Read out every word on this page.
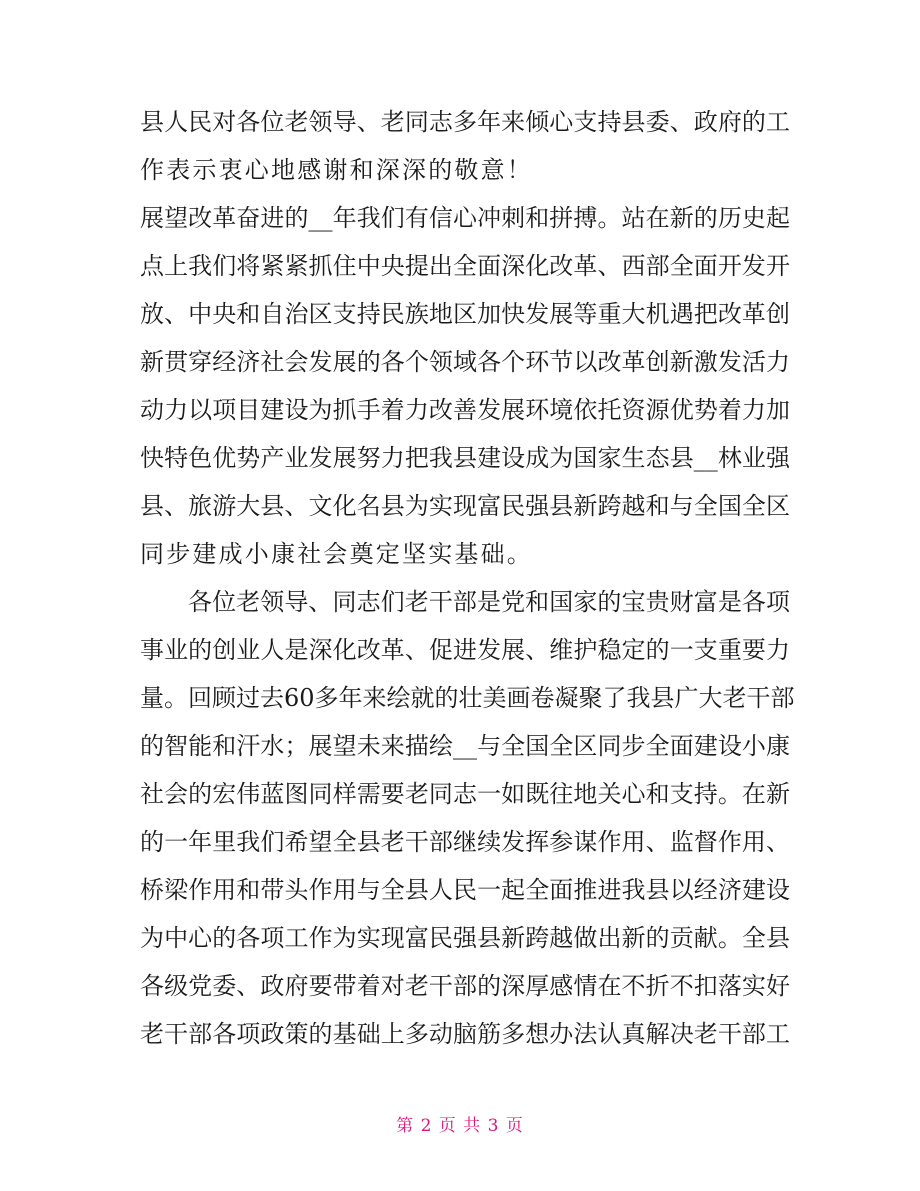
县人民对各位老领导、老同志多年来倾心支持县委、政府的工
作表示衷心地感谢和深深的敬意！
展望改革奋进的__年我们有信心冲刺和拼搏。站在新的历史起
点上我们将紧紧抓住中央提出全面深化改革、西部全面开发开
放、中央和自治区支持民族地区加快发展等重大机遇把改革创
新贯穿经济社会发展的各个领域各个环节以改革创新激发活力
动力以项目建设为抓手着力改善发展环境依托资源优势着力加
快特色优势产业发展努力把我县建设成为国家生态县__林业强
县、旅游大县、文化名县为实现富民强县新跨越和与全国全区
同步建成小康社会奠定坚实基础。
各位老领导、同志们老干部是党和国家的宝贵财富是各项
事业的创业人是深化改革、促进发展、维护稳定的一支重要力
量。回顾过去60多年来绘就的壮美画卷凝聚了我县广大老干部
的智能和汗水；展望未来描绘__与全国全区同步全面建设小康
社会的宏伟蓝图同样需要老同志一如既往地关心和支持。在新
的一年里我们希望全县老干部继续发挥参谋作用、监督作用、
桥梁作用和带头作用与全县人民一起全面推进我县以经济建设
为中心的各项工作为实现富民强县新跨越做出新的贡献。全县
各级党委、政府要带着对老干部的深厚感情在不折不扣落实好
老干部各项政策的基础上多动脑筋多想办法认真解决老干部工
第 2 页 共 3 页
